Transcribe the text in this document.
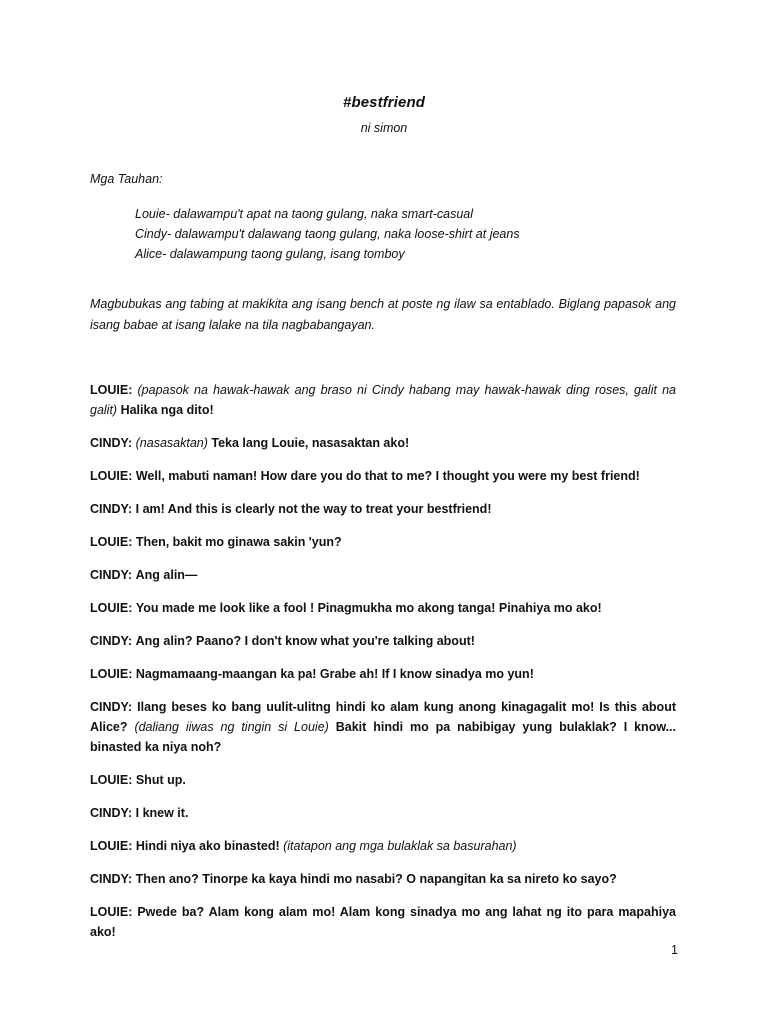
#bestfriend
ni simon
Mga Tauhan:
Louie- dalawampu't apat na taong gulang, naka smart-casual
Cindy- dalawampu't dalawang taong gulang, naka loose-shirt at jeans
Alice- dalawampung taong gulang, isang tomboy

Magbubukas ang tabing at makikita ang isang bench at poste ng ilaw sa entablado. Biglang papasok ang isang babae at isang lalake na tila nagbabangayan.

LOUIE: (papasok na hawak-hawak ang braso ni Cindy habang may hawak-hawak ding roses, galit na galit) Halika nga dito!

CINDY: (nasasaktan) Teka lang Louie, nasasaktan ako!

LOUIE: Well, mabuti naman! How dare you do that to me? I thought you were my best friend!

CINDY: I am! And this is clearly not the way to treat your bestfriend!

LOUIE: Then, bakit mo ginawa sakin 'yun?

CINDY: Ang alin—

LOUIE: You made me look like a fool ! Pinagmukha mo akong tanga! Pinahiya mo ako!

CINDY: Ang alin? Paano? I don't know what you're talking about!

LOUIE: Nagmamaang-maangan ka pa! Grabe ah! If I know sinadya mo yun!

CINDY: Ilang beses ko bang uulit-ulitng hindi ko alam kung anong kinagagalit mo! Is this about Alice? (daliang iiwas ng tingin si Louie) Bakit hindi mo pa nabibigay yung bulaklak? I know... binasted ka niya noh?

LOUIE: Shut up.

CINDY: I knew it.

LOUIE: Hindi niya ako binasted! (itatapon ang mga bulaklak sa basurahan)

CINDY: Then ano? Tinorpe ka kaya hindi mo nasabi? O napangitan ka sa nireto ko sayo?

LOUIE: Pwede ba? Alam kong alam mo! Alam kong sinadya mo ang lahat ng ito para mapahiya ako!

1
